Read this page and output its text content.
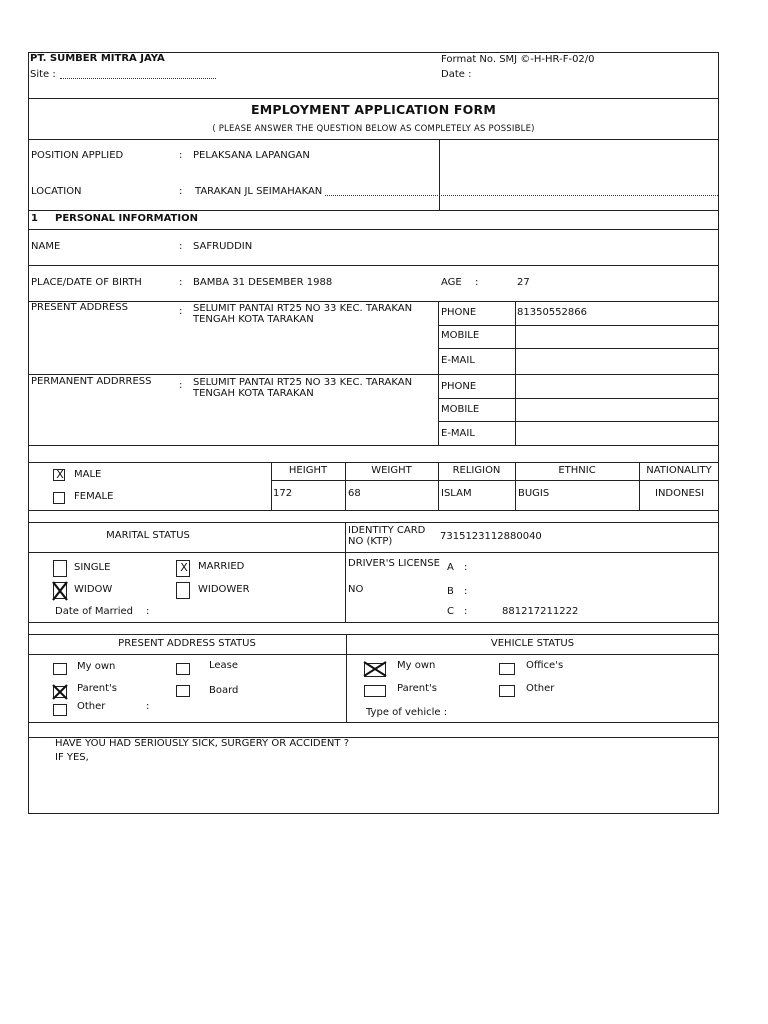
PT. SUMBER MITRA JAYA
Site :
Format No. SMJ ©-H-HR-F-02/0
Date :
EMPLOYMENT APPLICATION FORM
( PLEASE ANSWER THE QUESTION BELOW AS COMPLETELY AS POSSIBLE)
POSITION APPLIED	: PELAKSANA LAPANGAN
LOCATION	: TARAKAN JL SEIMAHAKAN
1 PERSONAL INFORMATION
NAME	: SAFRUDDIN
PLACE/DATE OF BIRTH	: BAMBA 31 DESEMBER 1988	AGE :	27
PRESENT ADDRESS	: SELUMIT PANTAI RT25 NO 33 KEC. TARAKAN TENGAH KOTA TARAKAN
PHONE	81350552866
MOBILE
E-MAIL
PERMANENT ADDRRESS	: SELUMIT PANTAI RT25 NO 33 KEC. TARAKAN TENGAH KOTA TARAKAN
PHONE
MOBILE
E-MAIL
X MALE
FEMALE
HEIGHT	WEIGHT	RELIGION	ETHNIC	NATIONALITY
172	68	ISLAM	BUGIS	INDONESI
MARITAL STATUS
SINGLE	X	MARRIED
WIDOW	WIDOWER
Date of Married :
IDENTITY CARD NO (KTP)	7315123112880040
DRIVER'S LICENSE
NO
A :
B :
C :	881217211222
PRESENT ADDRESS STATUS
My own	Lease
Parent's	Board
Other	:
VEHICLE STATUS
My own	Office's
Parent's	Other
Type of vehicle :
HAVE YOU HAD SERIOUSLY SICK, SURGERY OR ACCIDENT ?
IF YES,
